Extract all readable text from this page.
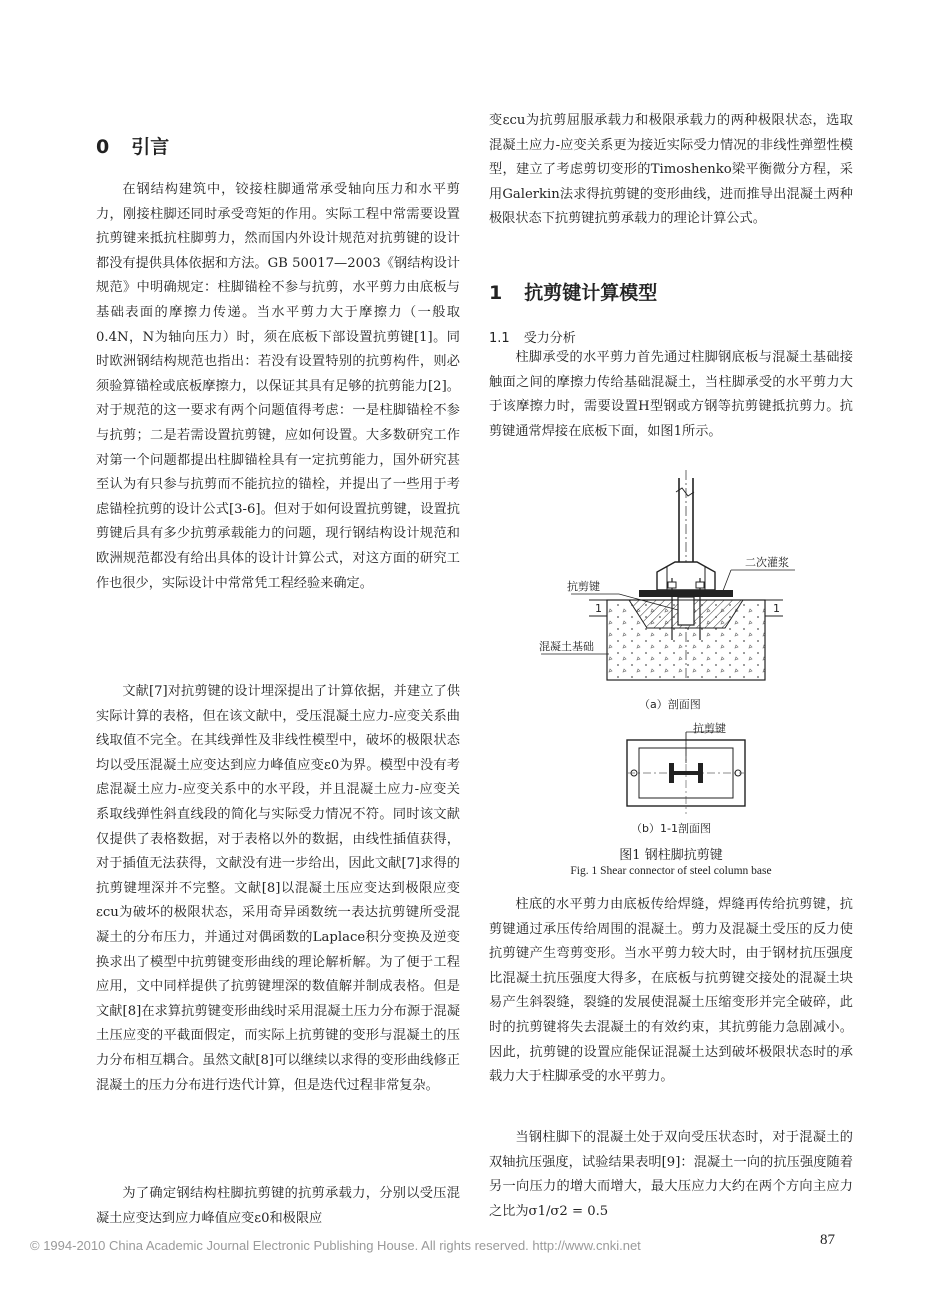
0 引言

在钢结构建筑中，铰接柱脚通常承受轴向压力和水平剪力，刚接柱脚还同时承受弯矩的作用。实际工程中常需要设置抗剪键来抵抗柱脚剪力，然而国内外设计规范对抗剪键的设计都没有提供具体依据和方法。GB 50017—2003《钢结构设计规范》中明确规定：柱脚锚栓不参与抗剪，水平剪力由底板与基础表面的摩擦力传递。当水平剪力大于摩擦力（一般取0.4N，N为轴向压力）时，须在底板下部设置抗剪键[1]。同时欧洲钢结构规范也指出：若没有设置特别的抗剪构件，则必须验算锚栓或底板摩擦力，以保证其具有足够的抗剪能力[2]。对于规范的这一要求有两个问题值得考虑：一是柱脚锚栓不参与抗剪；二是若需设置抗剪键，应如何设置。大多数研究工作对第一个问题都提出柱脚锚栓具有一定抗剪能力，国外研究甚至认为有只参与抗剪而不能抗拉的锚栓，并提出了一些用于考虑锚栓抗剪的设计公式[3-6]。但对于如何设置抗剪键，设置抗剪键后具有多少抗剪承载能力的问题，现行钢结构设计规范和欧洲规范都没有给出具体的设计计算公式，对这方面的研究工作也很少，实际设计中常常凭工程经验来确定。

文献[7]对抗剪键的设计埋深提出了计算依据，并建立了供实际计算的表格，但在该文献中，受压混凝土应力-应变关系曲线取值不完全。在其线弹性及非线性模型中，破坏的极限状态均以受压混凝土应变达到应力峰值应变ε0为界。模型中没有考虑混凝土应力-应变关系中的水平段，并且混凝土应力-应变关系取线弹性斜直线段的简化与实际受力情况不符。同时该文献仅提供了表格数据，对于表格以外的数据，由线性插值获得，对于插值无法获得，文献没有进一步给出，因此文献[7]求得的抗剪键埋深并不完整。文献[8]以混凝土压应变达到极限应变εcu为破坏的极限状态，采用奇异函数统一表达抗剪键所受混凝土的分布压力，并通过对偶函数的Laplace积分变换及逆变换求出了模型中抗剪键变形曲线的理论解析解。为了便于工程应用，文中同样提供了抗剪键埋深的数值解并制成表格。但是文献[8]在求算抗剪键变形曲线时采用混凝土压力分布源于混凝土压应变的平截面假定，而实际上抗剪键的变形与混凝土的压力分布相互耦合。虽然文献[8]可以继续以求得的变形曲线修正混凝土的压力分布进行迭代计算，但是迭代过程非常复杂。

为了确定钢结构柱脚抗剪键的抗剪承载力，分别以受压混凝土应变达到应力峰值应变ε0和极限应

变εcu为抗剪屈服承载力和极限承载力的两种极限状态，选取混凝土应力-应变关系更为接近实际受力情况的非线性弹塑性模型，建立了考虑剪切变形的Timoshenko梁平衡微分方程，采用Galerkin法求得抗剪键的变形曲线，进而推导出混凝土两种极限状态下抗剪键抗剪承载力的理论计算公式。

1 抗剪键计算模型
1.1 受力分析

柱脚承受的水平剪力首先通过柱脚钢底板与混凝土基础接触面之间的摩擦力传给基础混凝土，当柱脚承受的水平剪力大于该摩擦力时，需要设置H型钢或方钢等抗剪键抵抗剪力。抗剪键通常焊接在底板下面，如图1所示。

二次灌浆
抗剪键
1	1
混凝土基础
（a）剖面图
抗剪键
（b）1-1剖面图
图1 钢柱脚抗剪键
Fig. 1 Shear connector of steel column base

柱底的水平剪力由底板传给焊缝，焊缝再传给抗剪键，抗剪键通过承压传给周围的混凝土。剪力及混凝土受压的反力使抗剪键产生弯剪变形。当水平剪力较大时，由于钢材抗压强度比混凝土抗压强度大得多，在底板与抗剪键交接处的混凝土块易产生斜裂缝，裂缝的发展使混凝土压缩变形并完全破碎，此时的抗剪键将失去混凝土的有效约束，其抗剪能力急剧减小。因此，抗剪键的设置应能保证混凝土达到破坏极限状态时的承载力大于柱脚承受的水平剪力。

当钢柱脚下的混凝土处于双向受压状态时，对于混凝土的双轴抗压强度，试验结果表明[9]：混凝土一向的抗压强度随着另一向压力的增大而增大，最大压应力大约在两个方向主应力之比为σ1/σ2 = 0.5

© 1994-2010 China Academic Journal Electronic Publishing House. All rights reserved. http://www.cnki.net	87
